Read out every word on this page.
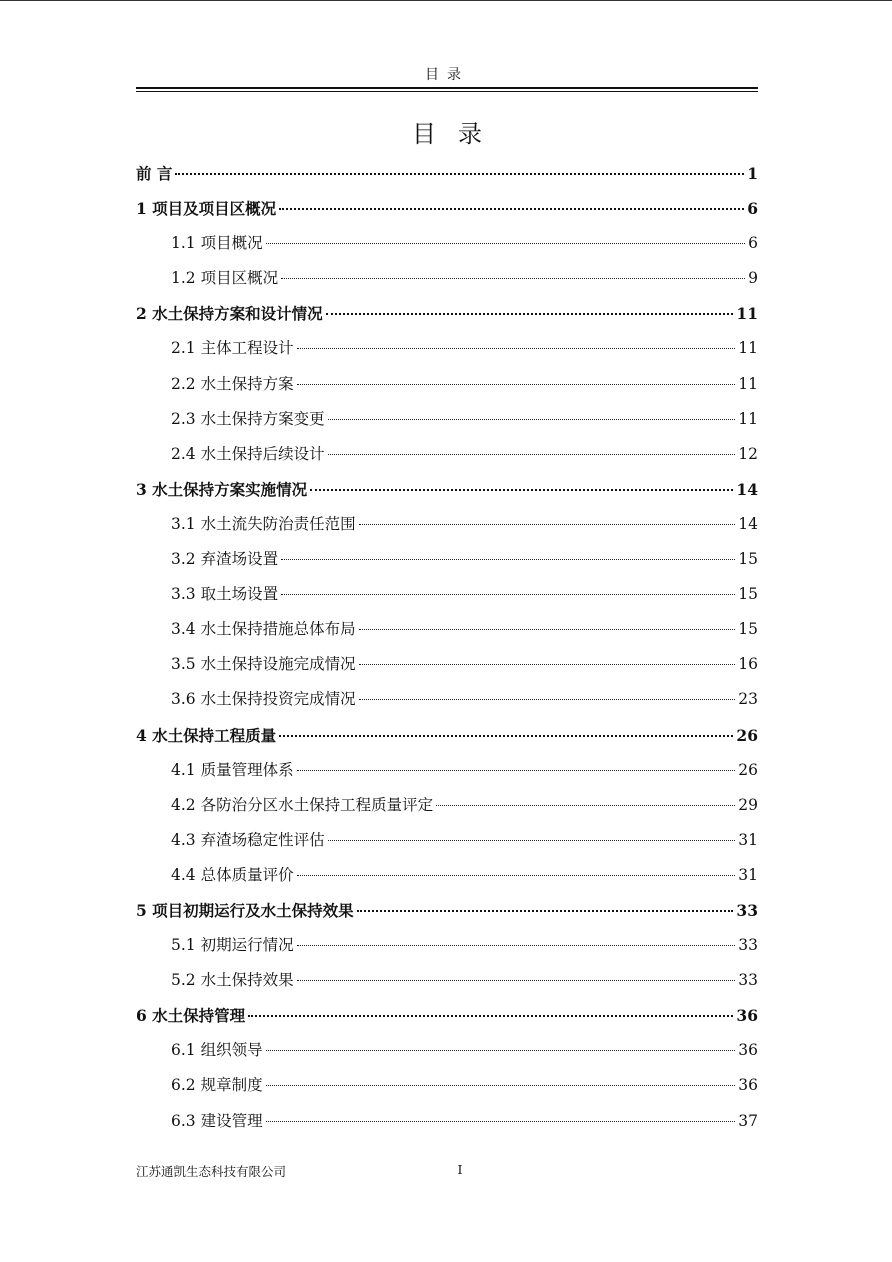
目录
目录
前 言	1
1 项目及项目区概况	6
1.1 项目概况	6
1.2 项目区概况	9
2 水土保持方案和设计情况	11
2.1 主体工程设计	11
2.2 水土保持方案	11
2.3 水土保持方案变更	11
2.4 水土保持后续设计	12
3 水土保持方案实施情况	14
3.1 水土流失防治责任范围	14
3.2 弃渣场设置	15
3.3 取土场设置	15
3.4 水土保持措施总体布局	15
3.5 水土保持设施完成情况	16
3.6 水土保持投资完成情况	23
4 水土保持工程质量	26
4.1 质量管理体系	26
4.2 各防治分区水土保持工程质量评定	29
4.3 弃渣场稳定性评估	31
4.4 总体质量评价	31
5 项目初期运行及水土保持效果	33
5.1 初期运行情况	33
5.2 水土保持效果	33
6 水土保持管理	36
6.1 组织领导	36
6.2 规章制度	36
6.3 建设管理	37
江苏通凯生态科技有限公司	I
